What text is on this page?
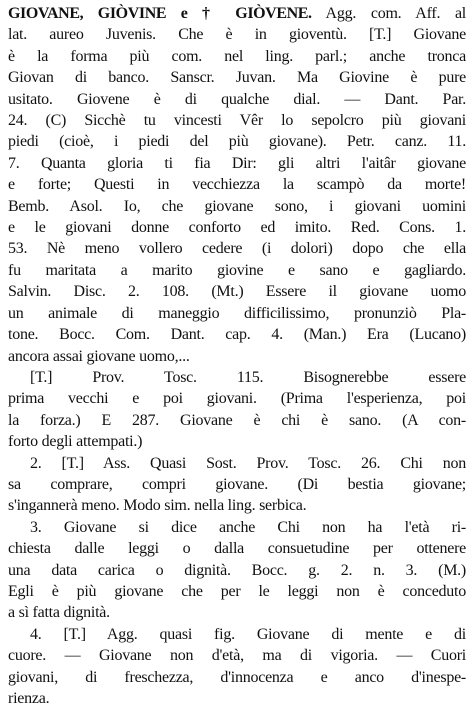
GIOVANE, GIÒVINE e † GIÒVENE. Agg. com. Aff. al
lat. aureo Juvenis. Che è in gioventù. [T.] Giovane
è la forma più com. nel ling. parl.; anche tronca
Giovan di banco. Sanscr. Juvan. Ma Giovine è pure
usitato. Giovene è di qualche dial. — Dant. Par.
24. (C) Sicchè tu vincesti Vêr lo sepolcro più giovani
piedi (cioè, i piedi del più giovane). Petr. canz. 11.
7. Quanta gloria ti fia Dir: gli altri l'aitâr giovane
e forte; Questi in vecchiezza la scampò da morte!
Bemb. Asol. Io, che giovane sono, i giovani uomini
e le giovani donne conforto ed imito. Red. Cons. 1.
53. Nè meno vollero cedere (i dolori) dopo che ella
fu maritata a marito giovine e sano e gagliardo.
Salvin. Disc. 2. 108. (Mt.) Essere il giovane uomo
un animale di maneggio difficilissimo, pronunziò Pla-
tone. Bocc. Com. Dant. cap. 4. (Man.) Era (Lucano)
ancora assai giovane uomo,...
[T.] Prov. Tosc. 115. Bisognerebbe essere
prima vecchi e poi giovani. (Prima l'esperienza, poi
la forza.) E 287. Giovane è chi è sano. (A con-
forto degli attempati.)
2. [T.] Ass. Quasi Sost. Prov. Tosc. 26. Chi non
sa comprare, compri giovane. (Di bestia giovane;
s'ingannerà meno. Modo sim. nella ling. serbica.
3. Giovane si dice anche Chi non ha l'età ri-
chiesta dalle leggi o dalla consuetudine per ottenere
una data carica o dignità. Bocc. g. 2. n. 3. (M.)
Egli è più giovane che per le leggi non è conceduto
a sì fatta dignità.
4. [T.] Agg. quasi fig. Giovane di mente e di
cuore. — Giovane non d'età, ma di vigoria. — Cuori
giovani, di freschezza, d'innocenza e anco d'inespe-
rienza.
